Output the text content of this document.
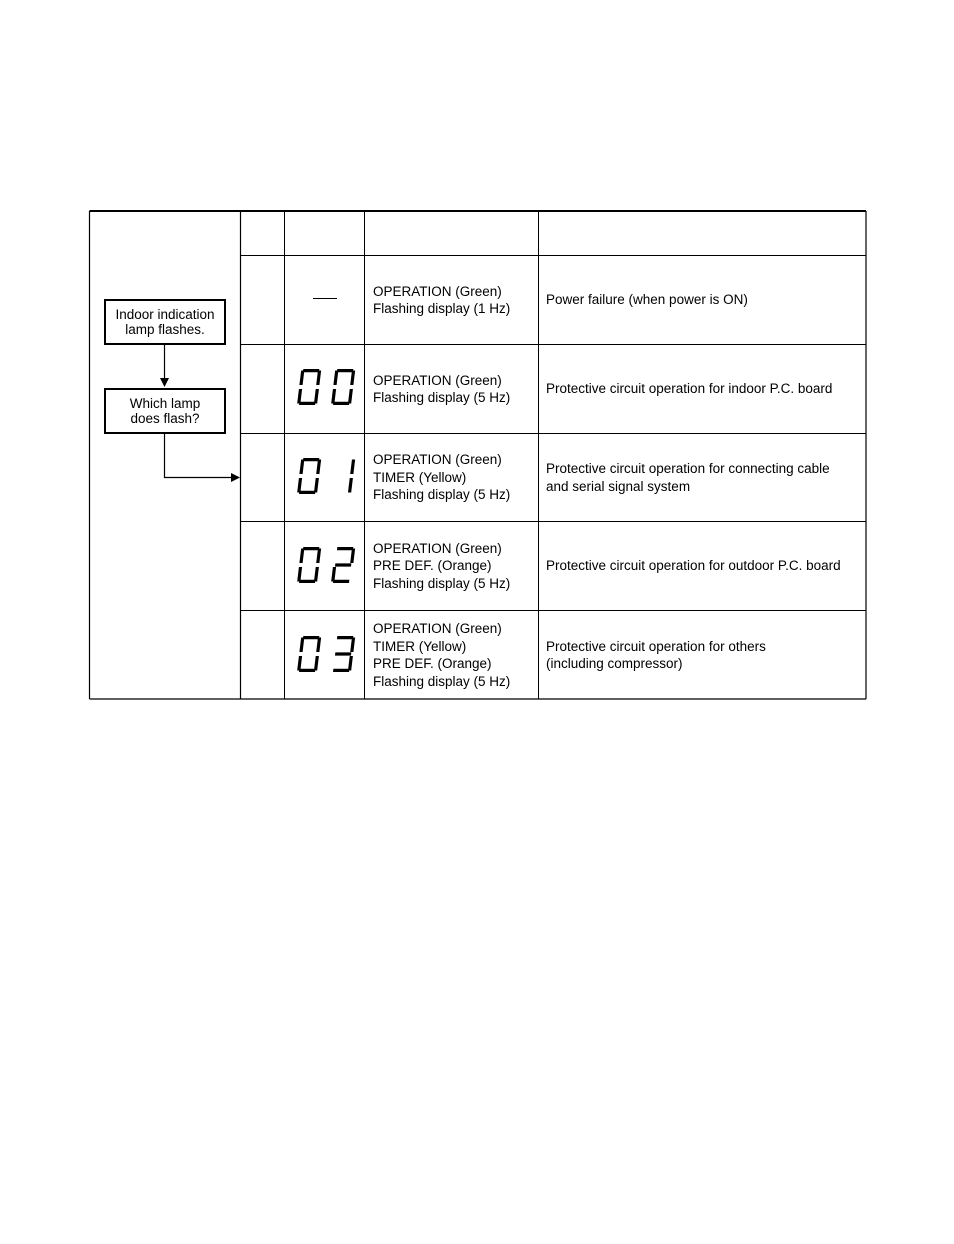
Indoor indication
lamp flashes.
Which lamp
does flash?
OPERATION (Green)
Flashing display (1 Hz)
Power failure (when power is ON)
OPERATION (Green)
Flashing display (5 Hz)
Protective circuit operation for indoor P.C. board
OPERATION (Green)
TIMER (Yellow)
Flashing display (5 Hz)
Protective circuit operation for connecting cable
and serial signal system
OPERATION (Green)
PRE DEF. (Orange)
Flashing display (5 Hz)
Protective circuit operation for outdoor P.C. board
OPERATION (Green)
TIMER (Yellow)
PRE DEF. (Orange)
Flashing display (5 Hz)
Protective circuit operation for others
(including compressor)
